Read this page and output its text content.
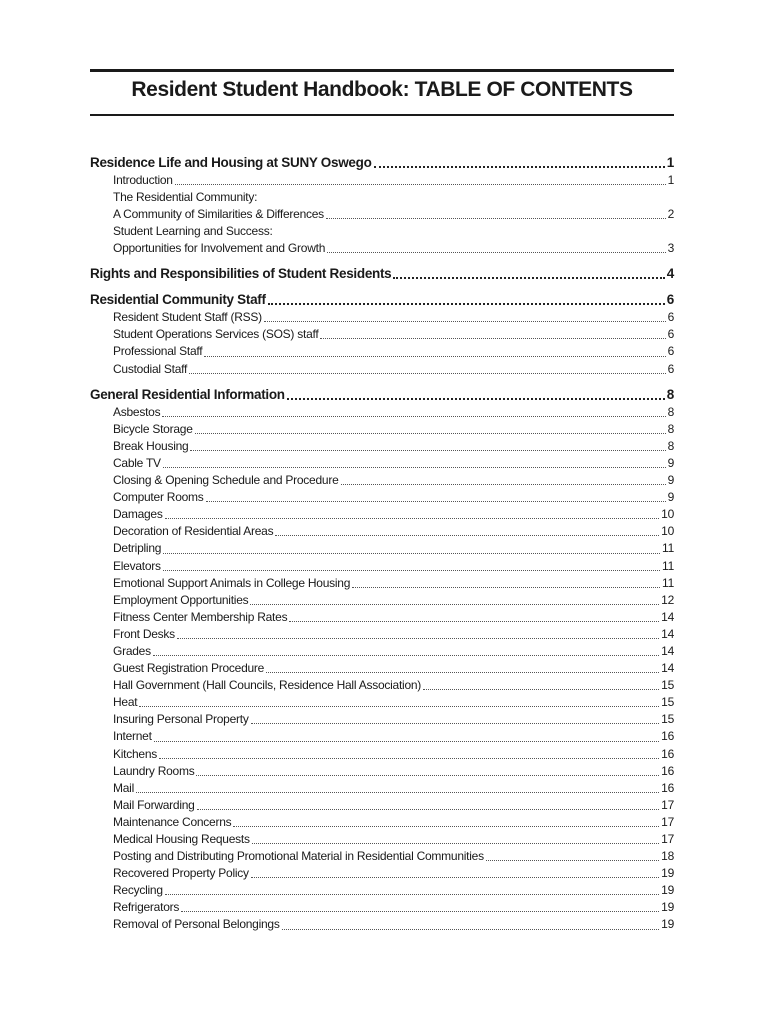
Resident Student Handbook: TABLE OF CONTENTS
Residence Life and Housing at SUNY Oswego	1
Introduction	1
The Residential Community:
A Community of Similarities & Differences	2
Student Learning and Success:
Opportunities for Involvement and Growth	3
Rights and Responsibilities of Student Residents	4
Residential Community Staff	6
Resident Student Staff (RSS)	6
Student Operations Services (SOS) staff	6
Professional Staff	6
Custodial Staff	6
General Residential Information	8
Asbestos	8
Bicycle Storage	8
Break Housing	8
Cable TV	9
Closing & Opening Schedule and Procedure	9
Computer Rooms	9
Damages	10
Decoration of Residential Areas	10
Detripling	11
Elevators	11
Emotional Support Animals in College Housing	11
Employment Opportunities	12
Fitness Center Membership Rates	14
Front Desks	14
Grades	14
Guest Registration Procedure	14
Hall Government (Hall Councils, Residence Hall Association)	15
Heat	15
Insuring Personal Property	15
Internet	16
Kitchens	16
Laundry Rooms	16
Mail	16
Mail Forwarding	17
Maintenance Concerns	17
Medical Housing Requests	17
Posting and Distributing Promotional Material in Residential Communities	18
Recovered Property Policy	19
Recycling	19
Refrigerators	19
Removal of Personal Belongings	19
